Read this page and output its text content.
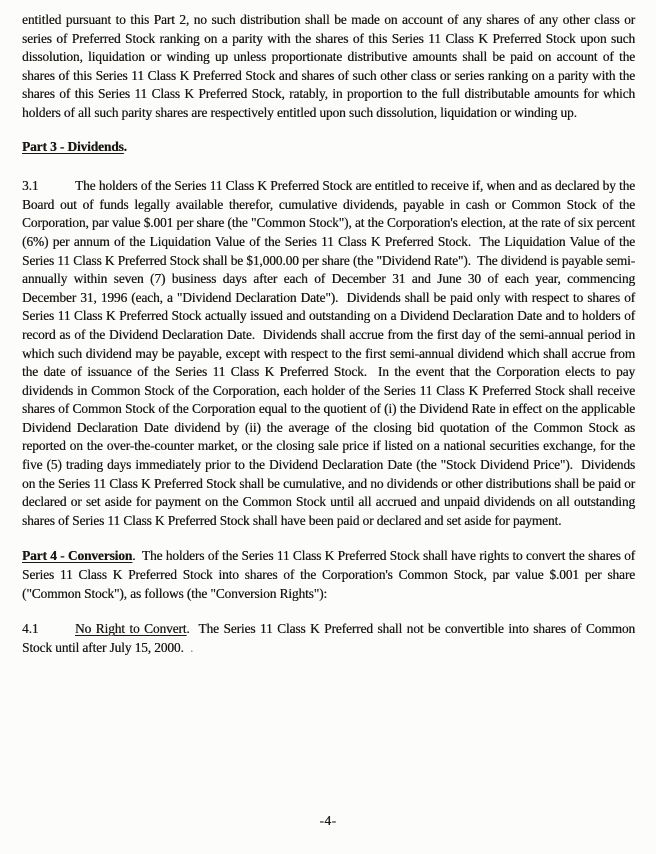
entitled pursuant to this Part 2, no such distribution shall be made on account of any shares of any other class or series of Preferred Stock ranking on a parity with the shares of this Series 11 Class K Preferred Stock upon such dissolution, liquidation or winding up unless proportionate distributive amounts shall be paid on account of the shares of this Series 11 Class K Preferred Stock and shares of such other class or series ranking on a parity with the shares of this Series 11 Class K Preferred Stock, ratably, in proportion to the full distributable amounts for which holders of all such parity shares are respectively entitled upon such dissolution, liquidation or winding up.

Part 3 - Dividends.

3.1	The holders of the Series 11 Class K Preferred Stock are entitled to receive if, when and as declared by the Board out of funds legally available therefor, cumulative dividends, payable in cash or Common Stock of the Corporation, par value $.001 per share (the "Common Stock"), at the Corporation's election, at the rate of six percent (6%) per annum of the Liquidation Value of the Series 11 Class K Preferred Stock.  The Liquidation Value of the Series 11 Class K Preferred Stock shall be $1,000.00 per share (the "Dividend Rate").  The dividend is payable semi-annually within seven (7) business days after each of December 31 and June 30 of each year, commencing December 31, 1996 (each, a "Dividend Declaration Date").  Dividends shall be paid only with respect to shares of Series 11 Class K Preferred Stock actually issued and outstanding on a Dividend Declaration Date and to holders of record as of the Dividend Declaration Date.  Dividends shall accrue from the first day of the semi-annual period in which such dividend may be payable, except with respect to the first semi-annual dividend which shall accrue from the date of issuance of the Series 11 Class K Preferred Stock.  In the event that the Corporation elects to pay dividends in Common Stock of the Corporation, each holder of the Series 11 Class K Preferred Stock shall receive shares of Common Stock of the Corporation equal to the quotient of (i) the Dividend Rate in effect on the applicable Dividend Declaration Date dividend by (ii) the average of the closing bid quotation of the Common Stock as reported on the over-the-counter market, or the closing sale price if listed on a national securities exchange, for the five (5) trading days immediately prior to the Dividend Declaration Date (the "Stock Dividend Price").  Dividends on the Series 11 Class K Preferred Stock shall be cumulative, and no dividends or other distributions shall be paid or declared or set aside for payment on the Common Stock until all accrued and unpaid dividends on all outstanding shares of Series 11 Class K Preferred Stock shall have been paid or declared and set aside for payment.

Part 4 - Conversion.  The holders of the Series 11 Class K Preferred Stock shall have rights to convert the shares of Series 11 Class K Preferred Stock into shares of the Corporation's Common Stock, par value $.001 per share ("Common Stock"), as follows (the "Conversion Rights"):

4.1	No Right to Convert.  The Series 11 Class K Preferred shall not be convertible into shares of Common Stock until after July 15, 2000.  .

-4-
